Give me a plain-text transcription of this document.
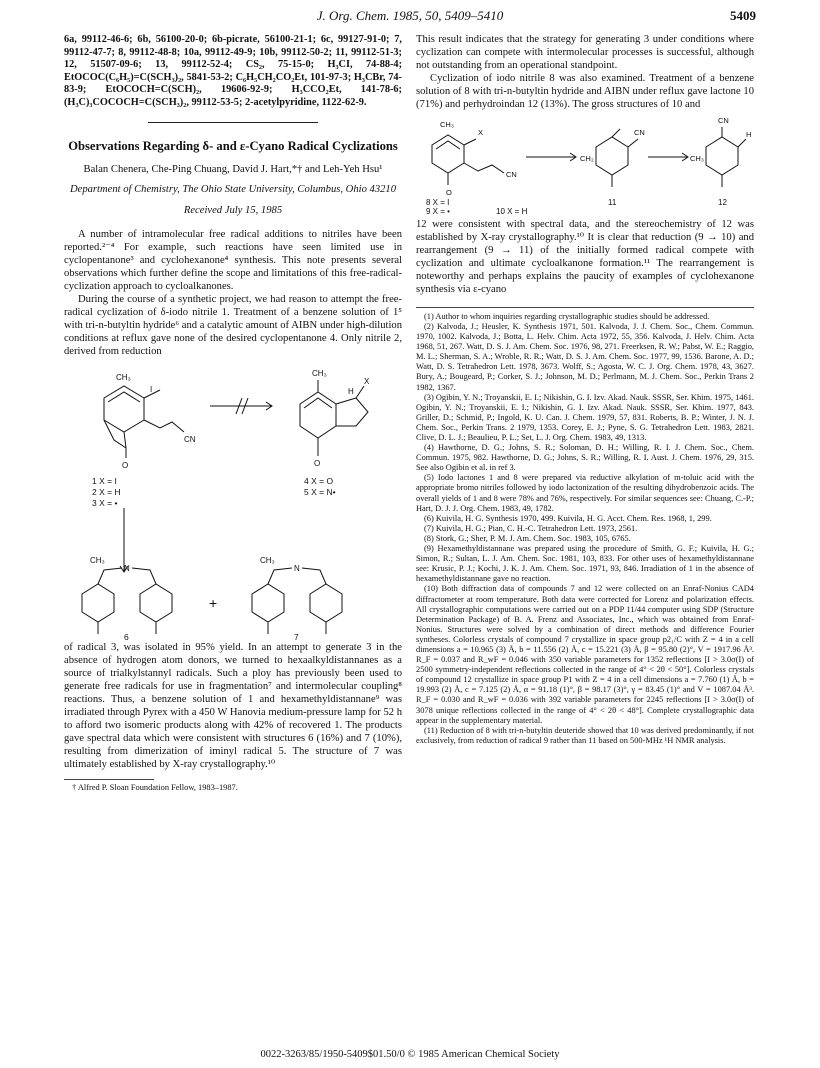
J. Org. Chem. 1985, 50, 5409–5410	5409

6a, 99112-46-6; 6b, 56100-20-0; 6b-picrate, 56100-21-1; 6c, 99127-91-0; 7, 99112-47-7; 8, 99112-48-8; 10a, 99112-49-9; 10b, 99112-50-2; 11, 99112-51-3; 12, 51507-09-6; 13, 99112-52-4; CS₂, 75-15-0; H₃CI, 74-88-4; EtOCOC(C₆H₅)=C(SCH₃)₂, 5841-53-2; C₆H₅CH₂CO₂Et, 101-97-3; H₃CBr, 74-83-9; EtOCOCH=C(SCH)₂, 19606-92-9; H₃CCO₂Et, 141-78-6; (H₃C)₃COCOCH=C(SCH₃)₂, 99112-53-5; 2-acetylpyridine, 1122-62-9.

Observations Regarding δ- and ε-Cyano Radical Cyclizations

Balan Chenera, Che-Ping Chuang, David J. Hart,*† and Leh-Yeh Hsu¹

Department of Chemistry, The Ohio State University, Columbus, Ohio 43210

Received July 15, 1985

A number of intramolecular free radical additions to nitriles have been reported.²⁻⁴ For example, such reactions have seen limited use in cyclopentanone³ and cyclohexanone⁴ synthesis. This note presents several observations which further define the scope and limitations of this free-radical-cyclization approach to cycloalkanones.

During the course of a synthetic project, we had reason to attempt the free-radical cyclization of δ-iodo nitrile 1. Treatment of a benzene solution of 1⁵ with tri-n-butyltin hydride⁶ and a catalytic amount of AIBN under high-dilution conditions at reflux gave none of the desired cyclopentanone 4. Only nitrile 2, derived from reduction

CH₃
I
CN
O
CH₃
X
H
O
N	N
CH₃	CH₃
1 X = I
2 X = H
3 X = •
4 X = O
5 X = N•
6	7
+

of radical 3, was isolated in 95% yield. In an attempt to generate 3 in the absence of hydrogen atom donors, we turned to hexaalkyldistannanes as a source of trialkylstannyl radicals. Such a ploy has previously been used to generate free radicals for use in fragmentation⁷ and intermolecular coupling⁸ reactions. Thus, a benzene solution of 1 and hexamethyldistannane⁹ was irradiated through Pyrex with a 450 W Hanovia medium-pressure lamp for 52 h to afford two isomeric products along with 42% of recovered 1. The products gave spectral data which were consistent with structures 6 (16%) and 7 (10%), resulting from dimerization of iminyl radical 5. The structure of 7 was ultimately established by X-ray crystallography.¹⁰

† Alfred P. Sloan Foundation Fellow, 1983–1987.

This result indicates that the strategy for generating 3 under conditions where cyclization can compete with intermolecular processes is successful, although not outstanding from an operational standpoint.

Cyclization of iodo nitrile 8 was also examined. Treatment of a benzene solution of 8 with tri-n-butyltin hydride and AIBN under reflux gave lactone 10 (71%) and perhydroindan 12 (13%). The gross structures of 10 and

CH₃
X
CN
CH₂
CN
CH₃
CN
H
O
8 X = I
9 X = •	10 X = H
11	12

12 were consistent with spectral data, and the stereochemistry of 12 was established by X-ray crystallography.¹⁰ It is clear that reduction (9 → 10) and rearrangement (9 → 11) of the initially formed radical compete with cyclization and ultimate cycloalkanone formation.¹¹ The rearrangement is noteworthy and perhaps explains the paucity of examples of cyclohexanone synthesis via ε-cyano

(1) Author to whom inquiries regarding crystallographic studies should be addressed.

(2) Kalvoda, J.; Heusler, K. Synthesis 1971, 501. Kalvoda, J. J. Chem. Soc., Chem. Commun. 1970, 1002. Kalvoda, J.; Botta, L. Helv. Chim. Acta 1972, 55, 356. Kalvoda, J. Helv. Chim. Acta 1968, 51, 267. Watt, D. S. J. Am. Chem. Soc. 1976, 98, 271. Freerksen, R. W.; Pabst, W. E.; Raggio, M. L.; Sherman, S. A.; Wroble, R. R.; Watt, D. S. J. Am. Chem. Soc. 1977, 99, 1536. Barone, A. D.; Watt, D. S. Tetrahedron Lett. 1978, 3673. Wolff, S.; Agosta, W. C. J. Org. Chem. 1978, 43, 3627. Bury, A.; Bougeard, P.; Corker, S. J.; Johnson, M. D.; Perlmann, M. J. Chem. Soc., Perkin Trans 2 1982, 1367.

(3) Ogibin, Y. N.; Troyanskii, E. I.; Nikishin, G. I. Izv. Akad. Nauk. SSSR, Ser. Khim. 1975, 1461. Ogibin, Y. N.; Troyanskii, E. I.; Nikishin, G. I. Izv. Akad. Nauk. SSSR, Ser. Khim. 1977, 843. Griller, D.; Schmid, P.; Ingold, K. U. Can. J. Chem. 1979, 57, 831. Roberts, B. P.; Winter, J. N. J. Chem. Soc., Perkin Trans. 2 1979, 1353. Corey, E. J.; Pyne, S. G. Tetrahedron Lett. 1983, 2821. Clive, D. L. J.; Beaulieu, P. L.; Set, L. J. Org. Chem. 1983, 49, 1313.

(4) Hawthorne, D. G.; Johns, S. R.; Soloman, D. H.; Willing, R. I. J. Chem. Soc., Chem. Commun. 1975, 982. Hawthorne, D. G.; Johns, S. R.; Willing, R. I. Aust. J. Chem. 1976, 29, 315. See also Ogibin et al. in ref 3.

(5) Iodo lactones 1 and 8 were prepared via reductive alkylation of m-toluic acid with the appropriate bromo nitriles followed by iodo lactonization of the resulting dihydrobenzoic acids. The overall yields of 1 and 8 were 78% and 76%, respectively. For similar sequences see: Chuang, C.-P.; Hart, D. J. J. Org. Chem. 1983, 49, 1782.

(6) Kuivila, H. G. Synthesis 1970, 499. Kuivila, H. G. Acct. Chem. Res. 1968, 1, 299.

(7) Kuivila, H. G.; Pian, C. H.-C. Tetrahedron Lett. 1973, 2561.

(8) Stork, G.; Sher, P. M. J. Am. Chem. Soc. 1983, 105, 6765.

(9) Hexamethyldistannane was prepared using the procedure of Smith, G. F.; Kuivila, H. G.; Simon, R.; Sultan, L. J. Am. Chem. Soc. 1981, 103, 833. For other uses of hexamethyldistannane see: Krusic, P. J.; Kochi, J. K. J. Am. Chem. Soc. 1971, 93, 846. Irradiation of 1 in the absence of hexamethyldistannane gave no reaction.

(10) Both diffraction data of compounds 7 and 12 were collected on an Enraf-Nonius CAD4 diffractometer at room temperature. Both data were corrected for Lorenz and polarization effects. All crystallographic computations were carried out on a PDP 11/44 computer using SDP (Structure Determination Package) of B. A. Frenz and Associates, Inc., which was obtained from Enraf-Nonius. Structures were solved by a combination of direct methods and difference Fourier syntheses. Colorless crystals of compound 7 crystallize in space group p2₁/C with Z = 4 in a cell dimensions a = 10.965 (3) Å, b = 11.556 (2) Å, c = 15.221 (3) Å, β = 95.80 (2)°, V = 1917.96 Å³. R_F = 0.037 and R_wF = 0.046 with 350 variable parameters for 1352 reflections [I > 3.0σ(I) of 2500 symmetry-independent reflections collected in the range of 4° < 2θ < 50°]. Colorless crystals of compound 12 crystallize in space group P1 with Z = 4 in a cell dimensions a = 7.760 (1) Å, b = 19.993 (2) Å, c = 7.125 (2) Å, α = 91.18 (1)°, β = 98.17 (3)°, γ = 83.45 (1)° and V = 1087.04 Å³. R_F = 0.030 and R_wF = 0.036 with 392 variable parameters for 2245 reflections [I > 3.0σ(I) of 3078 unique reflections collected in the range of 4° < 2θ < 48°]. Complete crystallographic data appear in the supplementary material.

(11) Reduction of 8 with tri-n-butyltin deuteride showed that 10 was derived predominantly, if not exclusively, from reduction of radical 9 rather than 11 based on 500-MHz ¹H NMR analysis.

0022-3263/85/1950-5409$01.50/0 © 1985 American Chemical Society
